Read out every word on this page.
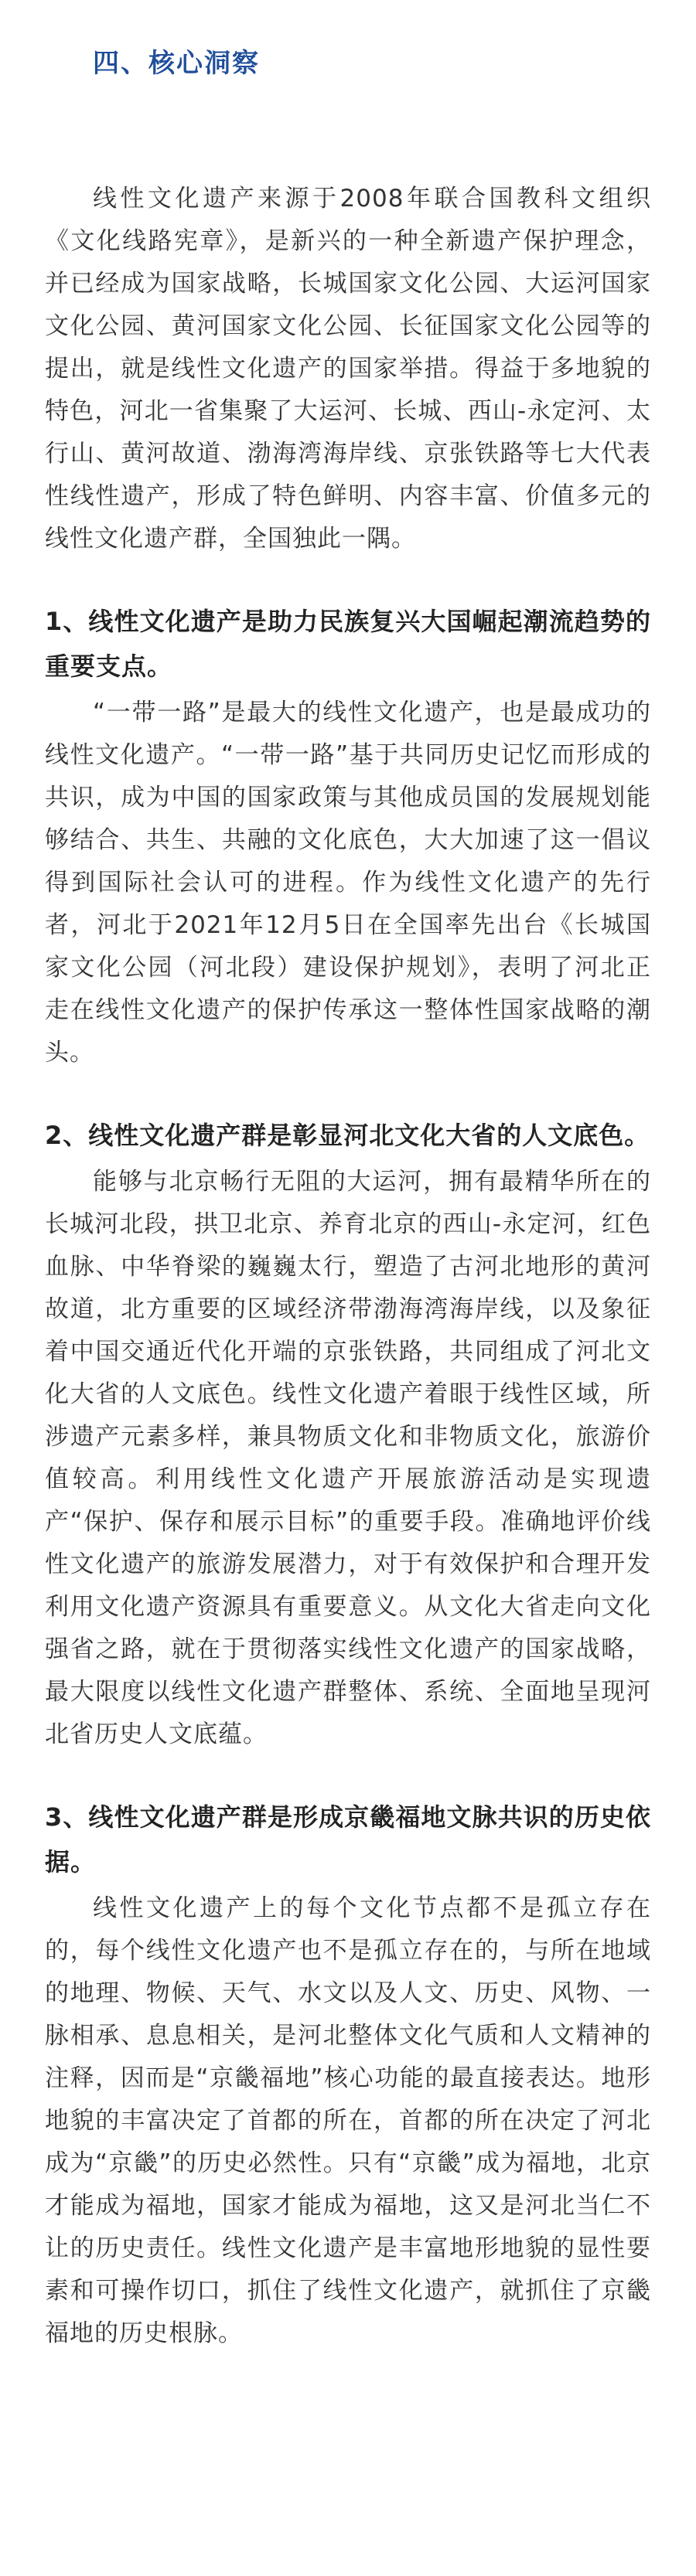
四、核心洞察

线性文化遗产来源于2008年联合国教科文组织《文化线路宪章》，是新兴的一种全新遗产保护理念，并已经成为国家战略，长城国家文化公园、大运河国家文化公园、黄河国家文化公园、长征国家文化公园等的提出，就是线性文化遗产的国家举措。得益于多地貌的特色，河北一省集聚了大运河、长城、西山-永定河、太行山、黄河故道、渤海湾海岸线、京张铁路等七大代表性线性遗产，形成了特色鲜明、内容丰富、价值多元的线性文化遗产群，全国独此一隅。

1、线性文化遗产是助力民族复兴大国崛起潮流趋势的重要支点。

“一带一路”是最大的线性文化遗产，也是最成功的线性文化遗产。“一带一路”基于共同历史记忆而形成的共识，成为中国的国家政策与其他成员国的发展规划能够结合、共生、共融的文化底色，大大加速了这一倡议得到国际社会认可的进程。作为线性文化遗产的先行者，河北于2021年12月5日在全国率先出台《长城国家文化公园（河北段）建设保护规划》，表明了河北正走在线性文化遗产的保护传承这一整体性国家战略的潮头。

2、线性文化遗产群是彰显河北文化大省的人文底色。

能够与北京畅行无阻的大运河，拥有最精华所在的长城河北段，拱卫北京、养育北京的西山-永定河，红色血脉、中华脊梁的巍巍太行，塑造了古河北地形的黄河故道，北方重要的区域经济带渤海湾海岸线，以及象征着中国交通近代化开端的京张铁路，共同组成了河北文化大省的人文底色。线性文化遗产着眼于线性区域，所涉遗产元素多样，兼具物质文化和非物质文化，旅游价值较高。利用线性文化遗产开展旅游活动是实现遗产“保护、保存和展示目标”的重要手段。准确地评价线性文化遗产的旅游发展潜力，对于有效保护和合理开发利用文化遗产资源具有重要意义。从文化大省走向文化强省之路，就在于贯彻落实线性文化遗产的国家战略，最大限度以线性文化遗产群整体、系统、全面地呈现河北省历史人文底蕴。

3、线性文化遗产群是形成京畿福地文脉共识的历史依据。

线性文化遗产上的每个文化节点都不是孤立存在的，每个线性文化遗产也不是孤立存在的，与所在地域的地理、物候、天气、水文以及人文、历史、风物、一脉相承、息息相关，是河北整体文化气质和人文精神的注释，因而是“京畿福地”核心功能的最直接表达。地形地貌的丰富决定了首都的所在，首都的所在决定了河北成为“京畿”的历史必然性。只有“京畿”成为福地，北京才能成为福地，国家才能成为福地，这又是河北当仁不让的历史责任。线性文化遗产是丰富地形地貌的显性要素和可操作切口，抓住了线性文化遗产，就抓住了京畿福地的历史根脉。
